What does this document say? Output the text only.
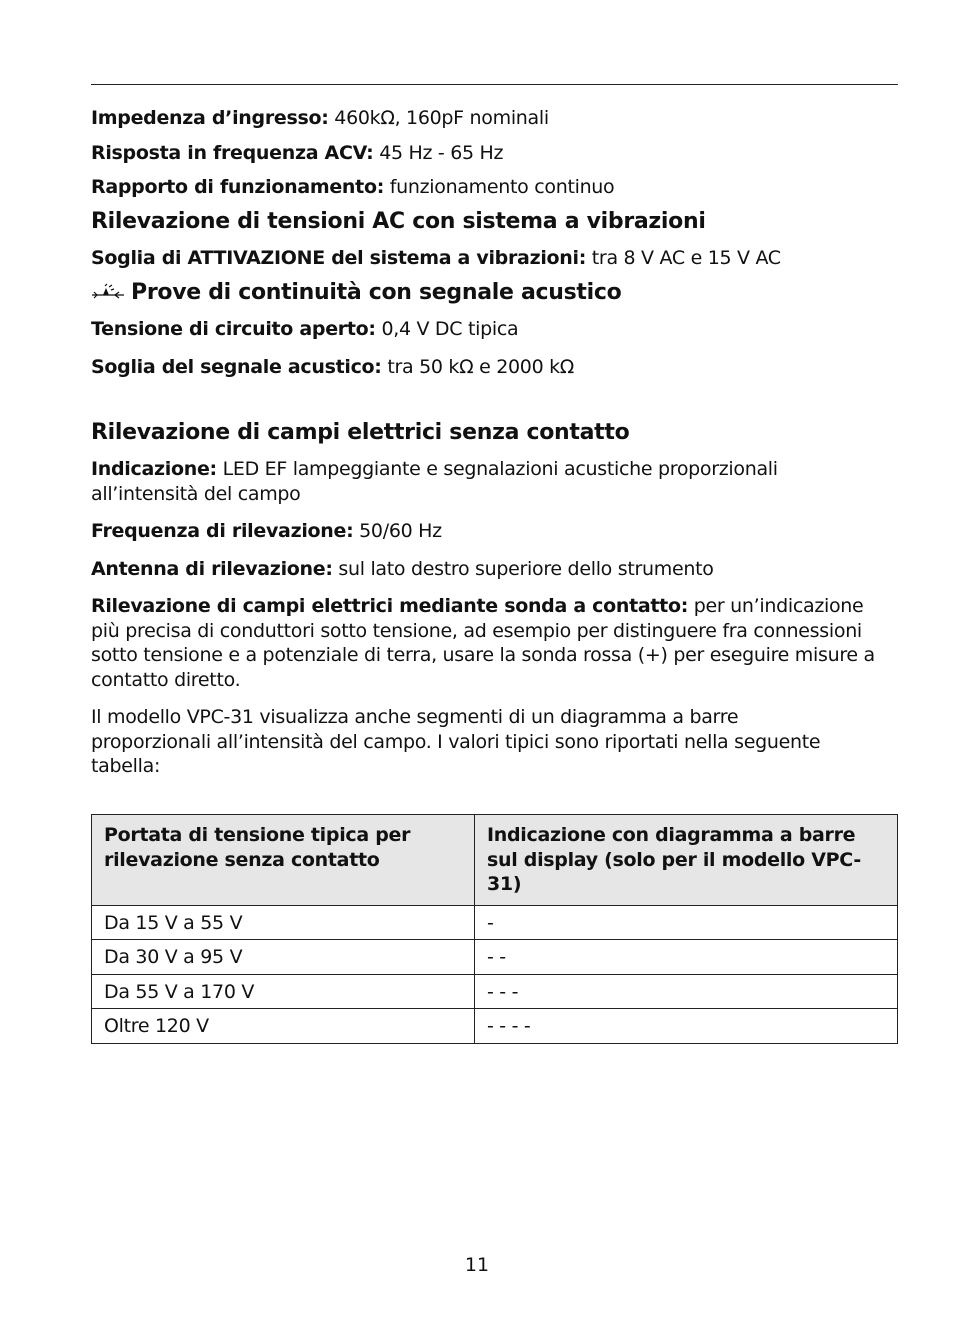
Impedenza d’ingresso: 460kΩ, 160pF nominali

Risposta in frequenza ACV: 45 Hz - 65 Hz

Rapporto di funzionamento: funzionamento continuo

Rilevazione di tensioni AC con sistema a vibrazioni

Soglia di ATTIVAZIONE del sistema a vibrazioni: tra 8 V AC e 15 V AC

Prove di continuità con segnale acustico

Tensione di circuito aperto: 0,4 V DC tipica

Soglia del segnale acustico: tra 50 kΩ e 2000 kΩ

Rilevazione di campi elettrici senza contatto

Indicazione: LED EF lampeggiante e segnalazioni acustiche proporzionali all’intensità del campo

Frequenza di rilevazione: 50/60 Hz

Antenna di rilevazione: sul lato destro superiore dello strumento

Rilevazione di campi elettrici mediante sonda a contatto: per un’indicazione più precisa di conduttori sotto tensione, ad esempio per distinguere fra connessioni sotto tensione e a potenziale di terra, usare la sonda rossa (+) per eseguire misure a contatto diretto.

Il modello VPC-31 visualizza anche segmenti di un diagramma a barre proporzionali all’intensità del campo. I valori tipici sono riportati nella seguente tabella:

Portata di tensione tipica per rilevazione senza contatto	Indicazione con diagramma a barre sul display (solo per il modello VPC-31)
Da 15 V a 55 V	-
Da 30 V a 95 V	- -
Da 55 V a 170 V	- - -
Oltre 120 V	- - - -
11
